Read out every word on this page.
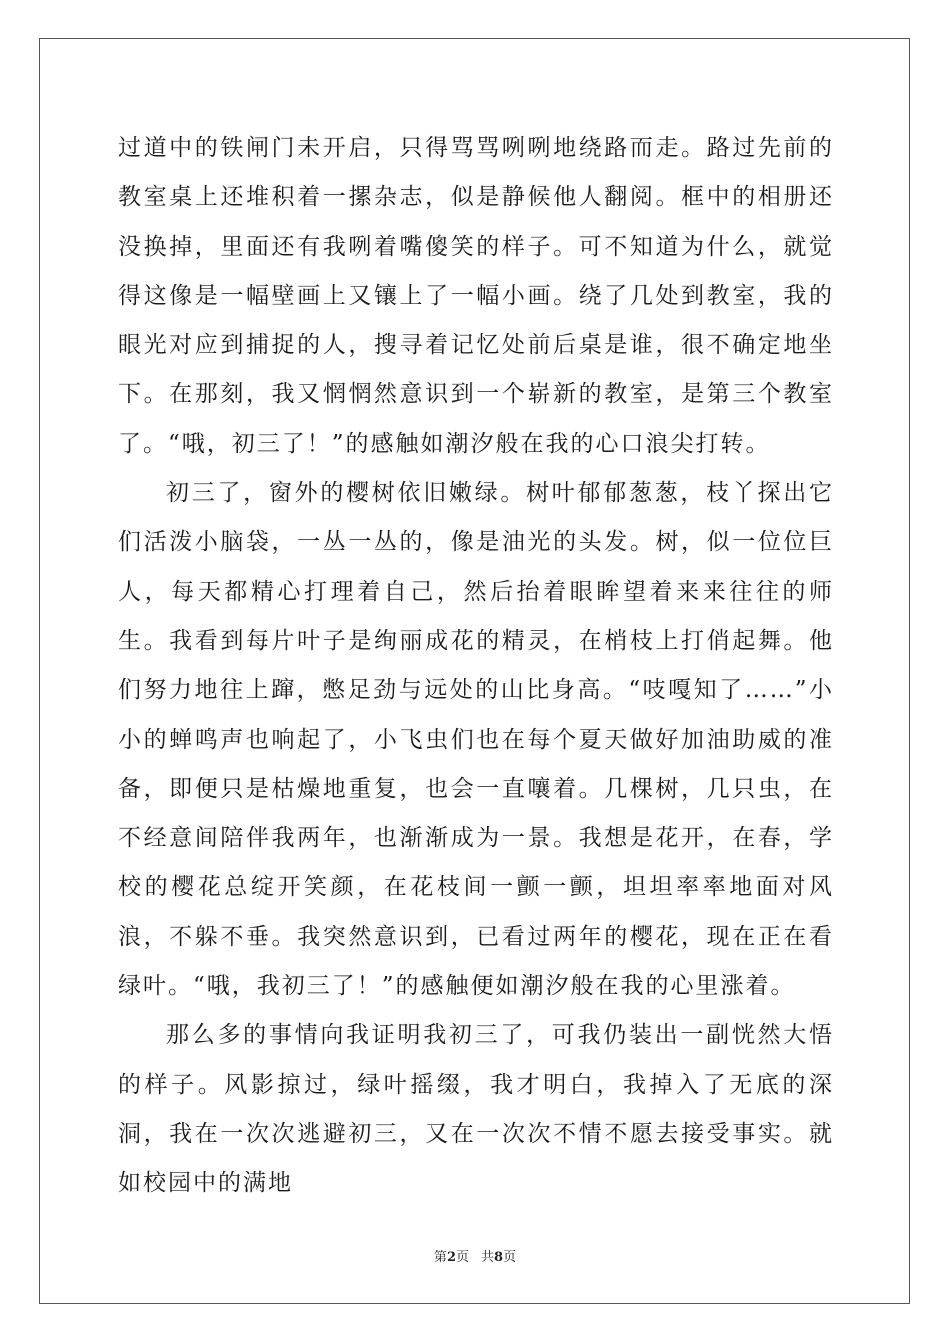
过道中的铁闸门未开启，只得骂骂咧咧地绕路而走。路过先前的教室桌上还堆积着一摞杂志，似是静候他人翻阅。框中的相册还没换掉，里面还有我咧着嘴傻笑的样子。可不知道为什么，就觉得这像是一幅壁画上又镶上了一幅小画。绕了几处到教室，我的眼光对应到捕捉的人，搜寻着记忆处前后桌是谁，很不确定地坐下。在那刻，我又惘惘然意识到一个崭新的教室，是第三个教室了。“哦，初三了！”的感触如潮汐般在我的心口浪尖打转。

初三了，窗外的樱树依旧嫩绿。树叶郁郁葱葱，枝丫探出它们活泼小脑袋，一丛一丛的，像是油光的头发。树，似一位位巨人，每天都精心打理着自己，然后抬着眼眸望着来来往往的师生。我看到每片叶子是绚丽成花的精灵，在梢枝上打俏起舞。他们努力地往上蹿，憋足劲与远处的山比身高。“吱嘎知了……”小小的蝉鸣声也响起了，小飞虫们也在每个夏天做好加油助威的准备，即便只是枯燥地重复，也会一直嚷着。几棵树，几只虫，在不经意间陪伴我两年，也渐渐成为一景。我想是花开，在春，学校的樱花总绽开笑颜，在花枝间一颤一颤，坦坦率率地面对风浪，不躲不垂。我突然意识到，已看过两年的樱花，现在正在看绿叶。“哦，我初三了！”的感触便如潮汐般在我的心里涨着。

那么多的事情向我证明我初三了，可我仍装出一副恍然大悟的样子。风影掠过，绿叶摇缀，我才明白，我掉入了无底的深洞，我在一次次逃避初三，又在一次次不情不愿去接受事实。就如校园中的满地

第2页 共8页
